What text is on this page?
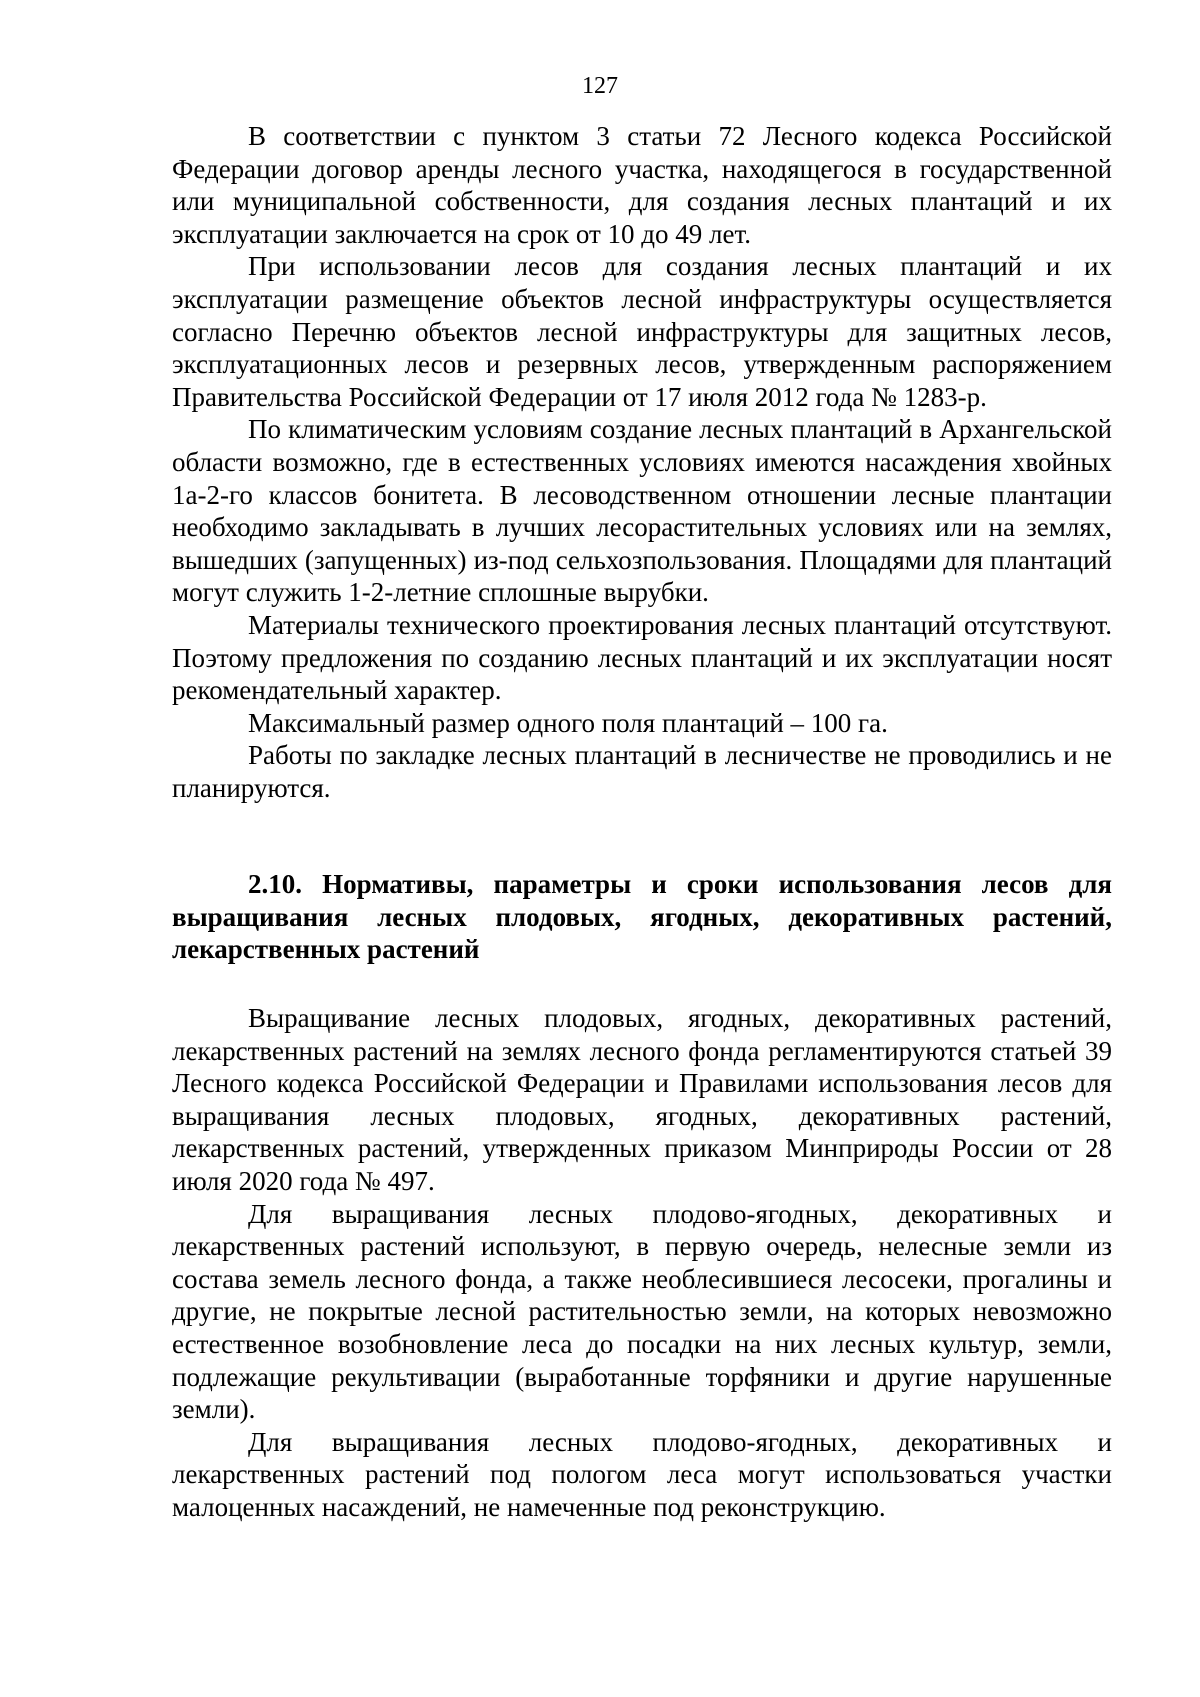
127

В соответствии с пунктом 3 статьи 72 Лесного кодекса Российской Федерации договор аренды лесного участка, находящегося в государственной или муниципальной собственности, для создания лесных плантаций и их эксплуатации заключается на срок от 10 до 49 лет.

При использовании лесов для создания лесных плантаций и их эксплуатации размещение объектов лесной инфраструктуры осуществляется согласно Перечню объектов лесной инфраструктуры для защитных лесов, эксплуатационных лесов и резервных лесов, утвержденным распоряжением Правительства Российской Федерации от 17 июля 2012 года № 1283-р.

По климатическим условиям создание лесных плантаций в Архангельской области возможно, где в естественных условиях имеются насаждения хвойных 1а-2-го классов бонитета. В лесоводственном отношении лесные плантации необходимо закладывать в лучших лесорастительных условиях или на землях, вышедших (запущенных) из-под сельхозпользования. Площадями для плантаций могут служить 1-2-летние сплошные вырубки.

Материалы технического проектирования лесных плантаций отсутствуют. Поэтому предложения по созданию лесных плантаций и их эксплуатации носят рекомендательный характер.

Максимальный размер одного поля плантаций – 100 га.

Работы по закладке лесных плантаций в лесничестве не проводились и не планируются.

2.10. Нормативы, параметры и сроки использования лесов для выращивания лесных плодовых, ягодных, декоративных растений, лекарственных растений

Выращивание лесных плодовых, ягодных, декоративных растений, лекарственных растений на землях лесного фонда регламентируются статьей 39 Лесного кодекса Российской Федерации и Правилами использования лесов для выращивания лесных плодовых, ягодных, декоративных растений, лекарственных растений, утвержденных приказом Минприроды России от 28 июля 2020 года № 497.

Для выращивания лесных плодово-ягодных, декоративных и лекарственных растений используют, в первую очередь, нелесные земли из состава земель лесного фонда, а также необлесившиеся лесосеки, прогалины и другие, не покрытые лесной растительностью земли, на которых невозможно естественное возобновление леса до посадки на них лесных культур, земли, подлежащие рекультивации (выработанные торфяники и другие нарушенные земли).

Для выращивания лесных плодово-ягодных, декоративных и лекарственных растений под пологом леса могут использоваться участки малоценных насаждений, не намеченные под реконструкцию.
